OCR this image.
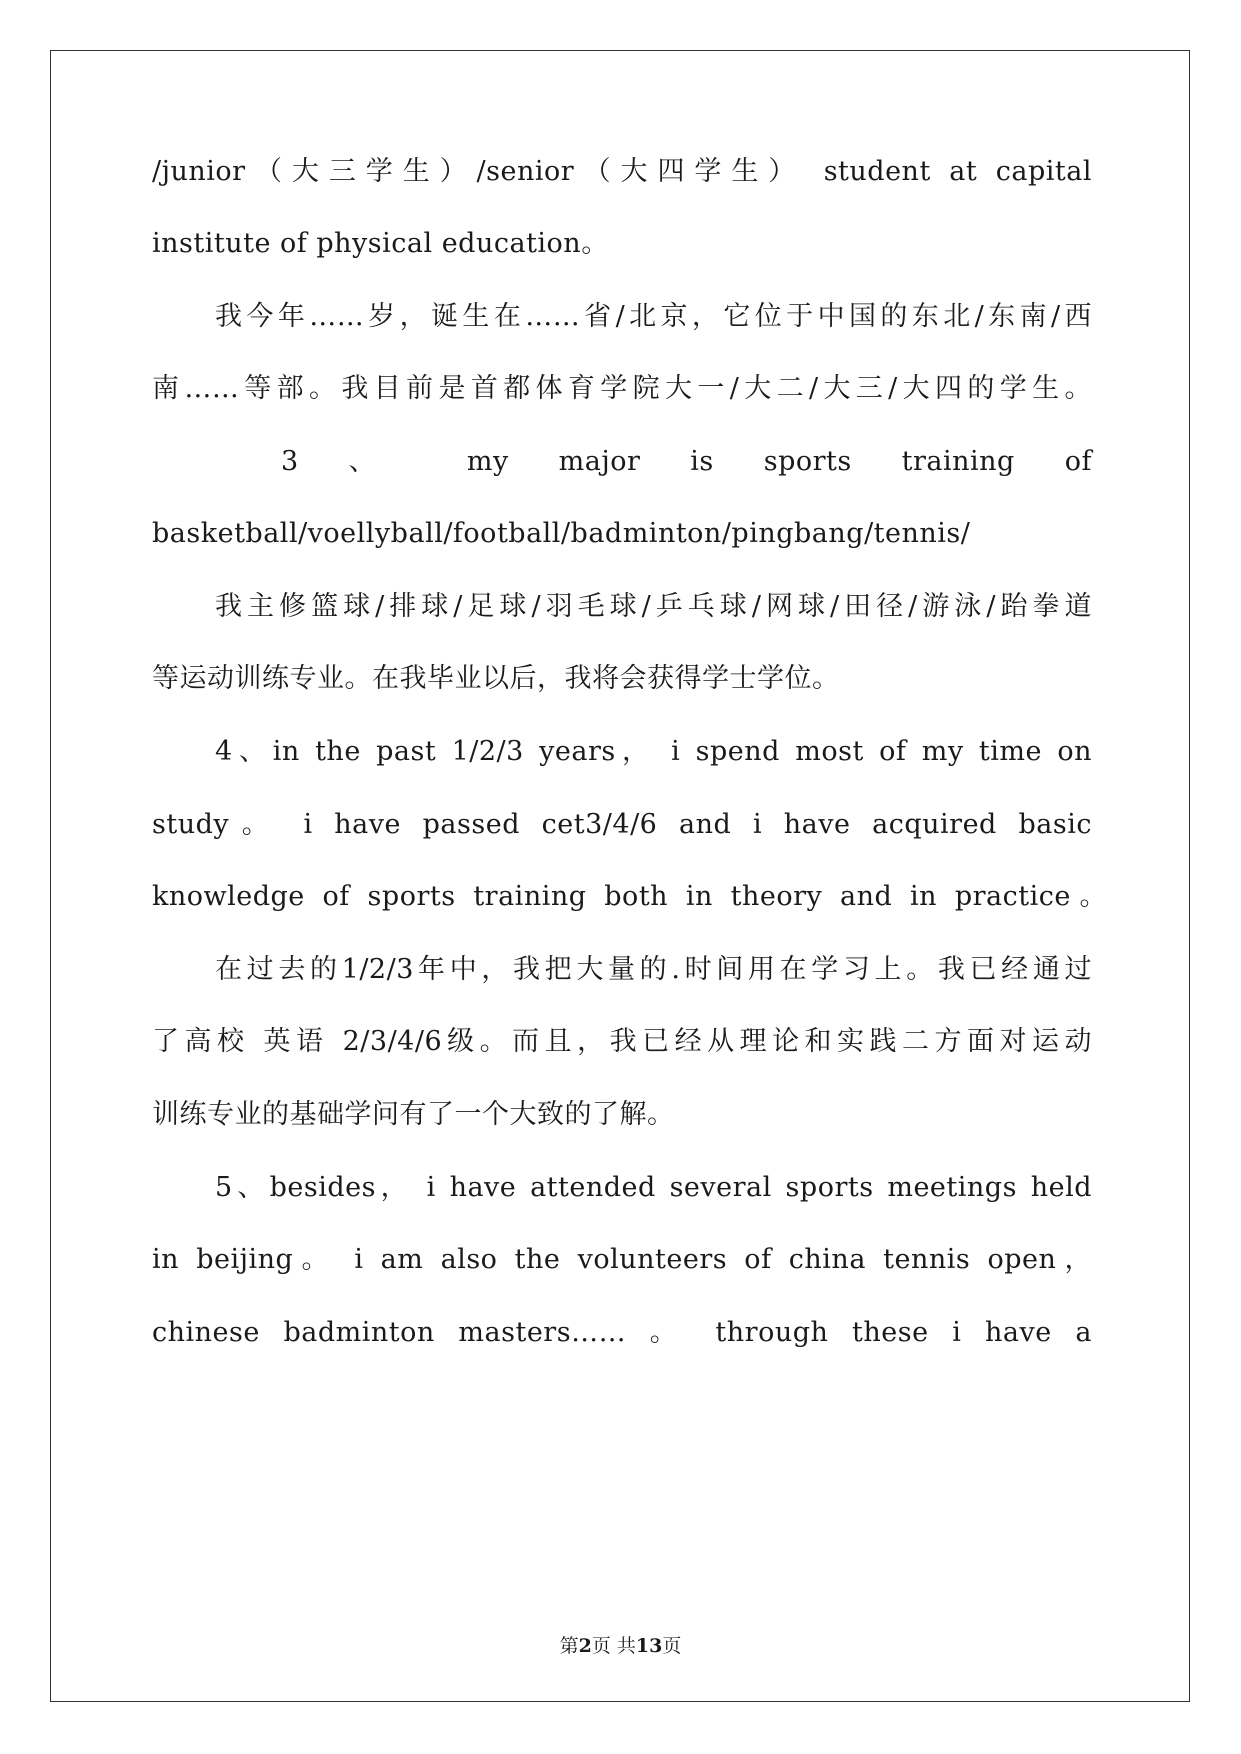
/junior（大三学生）/senior（大四学生） student at capital
institute of physical education。
我今年……岁，诞生在……省/北京，它位于中国的东北/东南/西
南……等部。我目前是首都体育学院大一/大二/大三/大四的学生。
3 、 my major is sports training of
basketball/voellyball/football/badminton/pingbang/tennis/
我主修篮球/排球/足球/羽毛球/乒乓球/网球/田径/游泳/跆拳道
等运动训练专业。在我毕业以后，我将会获得学士学位。
4、in the past 1/2/3 years， i spend most of my time on
study。 i have passed cet3/4/6 and i have acquired basic
knowledge of sports training both in theory and in practice。
在过去的1/2/3年中，我把大量的.时间用在学习上。我已经通过
了高校 英语 2/3/4/6级。而且，我已经从理论和实践二方面对运动
训练专业的基础学问有了一个大致的了解。
5、besides， i have attended several sports meetings held
in beijing。 i am also the volunteers of china tennis open，
chinese badminton masters…… 。 through these i have a
第2页 共13页
